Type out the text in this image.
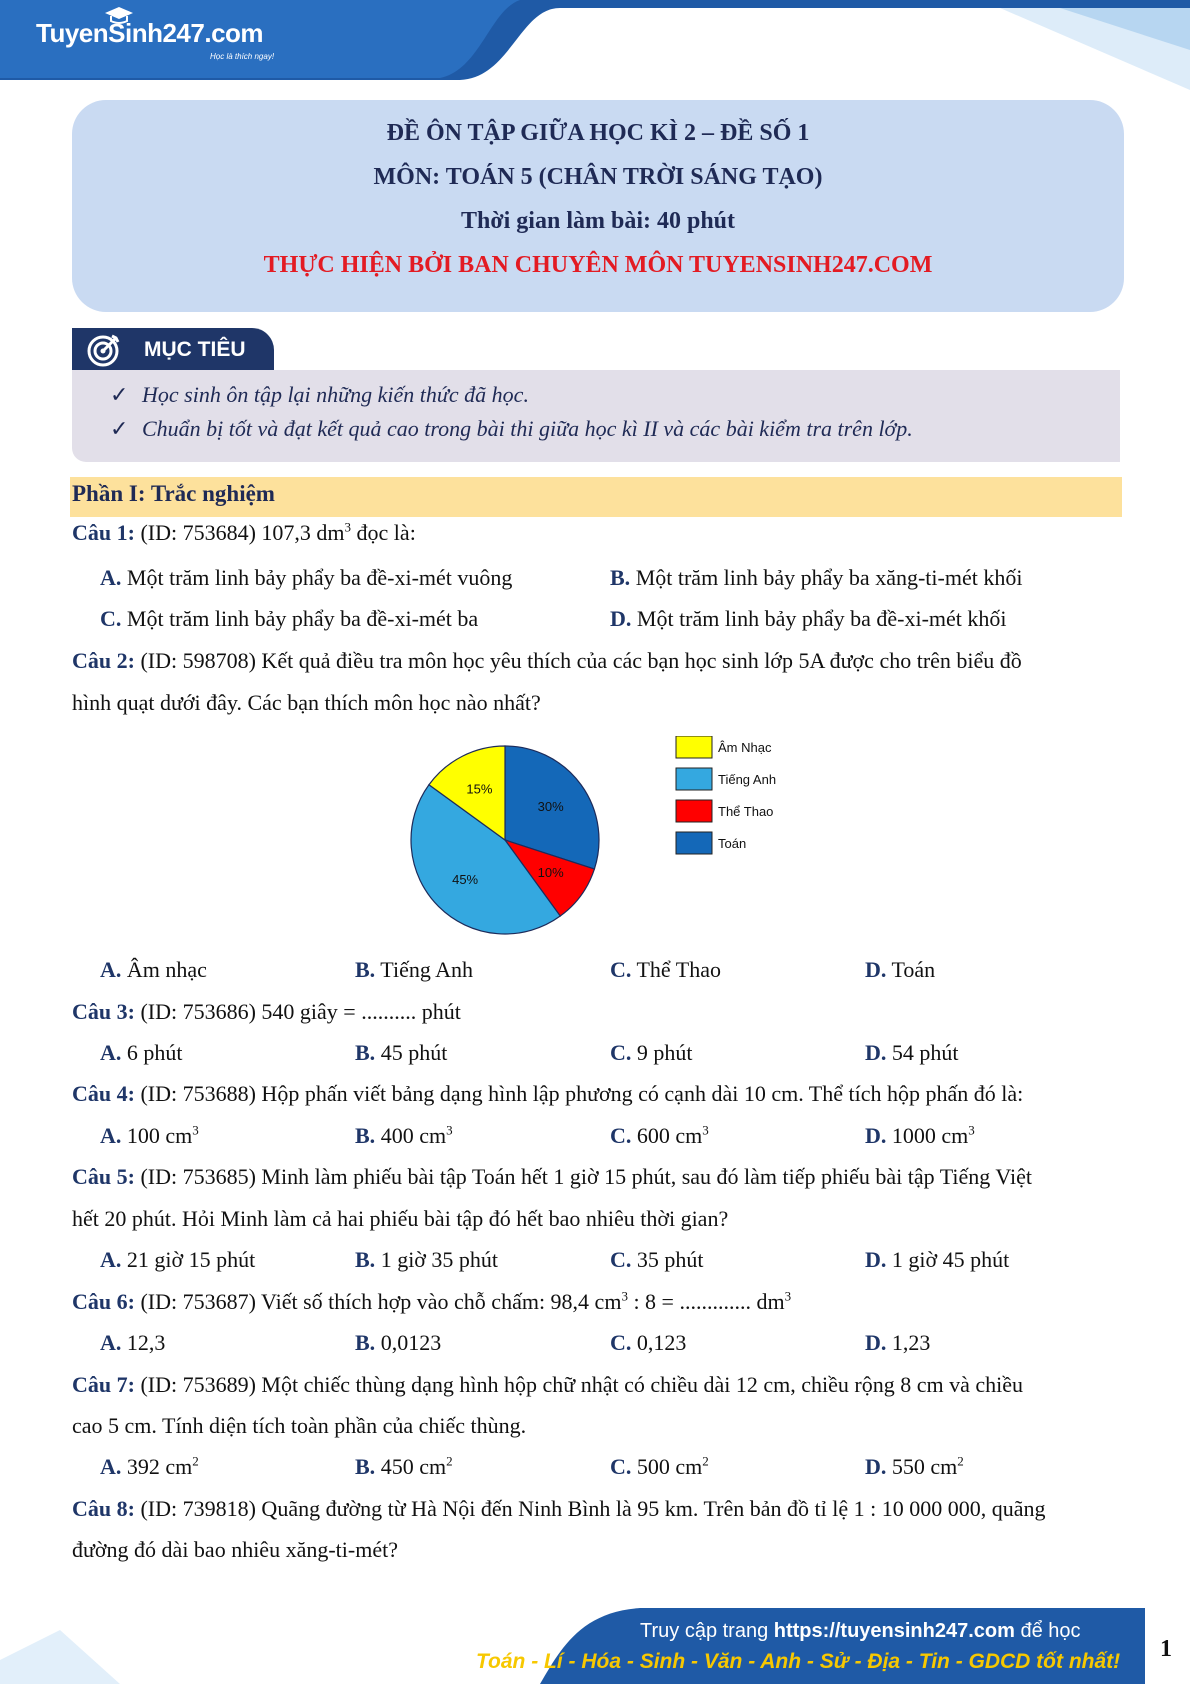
TuyenSinh247.com
Học là thích ngay!
ĐỀ ÔN TẬP GIỮA HỌC KÌ 2 – ĐỀ SỐ 1
MÔN: TOÁN 5 (CHÂN TRỜI SÁNG TẠO)
Thời gian làm bài: 40 phút
THỰC HIỆN BỞI BAN CHUYÊN MÔN TUYENSINH247.COM
MỤC TIÊU
✓ Học sinh ôn tập lại những kiến thức đã học.
✓ Chuẩn bị tốt và đạt kết quả cao trong bài thi giữa học kì II và các bài kiểm tra trên lớp.
Phần I: Trắc nghiệm
Câu 1: (ID: 753684) 107,3 $dm^3$ đọc là:
A. Một trăm linh bảy phẩy ba đề-xi-mét vuông	B. Một trăm linh bảy phẩy ba xăng-ti-mét khối
C. Một trăm linh bảy phẩy ba đề-xi-mét ba	D. Một trăm linh bảy phẩy ba đề-xi-mét khối
Câu 2: (ID: 598708) Kết quả điều tra môn học yêu thích của các bạn học sinh lớp 5A được cho trên biểu đồ
hình quạt dưới đây. Các bạn thích môn học nào nhất?
30%
10%
45%
15%
Âm Nhạc
Tiếng Anh
Thể Thao
Toán
A. Âm nhạc	B. Tiếng Anh	C. Thể Thao	D. Toán
Câu 3: (ID: 753686) 540 giây = .......... phút
A. 6 phút	B. 45 phút	C. 9 phút	D. 54 phút
Câu 4: (ID: 753688) Hộp phấn viết bảng dạng hình lập phương có cạnh dài 10 cm. Thể tích hộp phấn đó là:
A. 100 $cm^3$	B. 400 $cm^3$	C. 600 $cm^3$	D. 1000 $cm^3$
Câu 5: (ID: 753685) Minh làm phiếu bài tập Toán hết 1 giờ 15 phút, sau đó làm tiếp phiếu bài tập Tiếng Việt
hết 20 phút. Hỏi Minh làm cả hai phiếu bài tập đó hết bao nhiêu thời gian?
A. 21 giờ 15 phút	B. 1 giờ 35 phút	C. 35 phút	D. 1 giờ 45 phút
Câu 6: (ID: 753687) Viết số thích hợp vào chỗ chấm: 98,4 $cm^3$ : 8 = ............. $dm^3$
A. 12,3	B. 0,0123	C. 0,123	D. 1,23
Câu 7: (ID: 753689) Một chiếc thùng dạng hình hộp chữ nhật có chiều dài 12 cm, chiều rộng 8 cm và chiều
cao 5 cm. Tính diện tích toàn phần của chiếc thùng.
A. 392 $cm^2$	B. 450 $cm^2$	C. 500 $cm^2$	D. 550 $cm^2$
Câu 8: (ID: 739818) Quãng đường từ Hà Nội đến Ninh Bình là 95 km. Trên bản đồ tỉ lệ 1 : 10 000 000, quãng
đường đó dài bao nhiêu xăng-ti-mét?
Truy cập trang https://tuyensinh247.com để học
Toán - Lí - Hóa - Sinh - Văn - Anh - Sử - Địa - Tin - GDCD tốt nhất! 1
